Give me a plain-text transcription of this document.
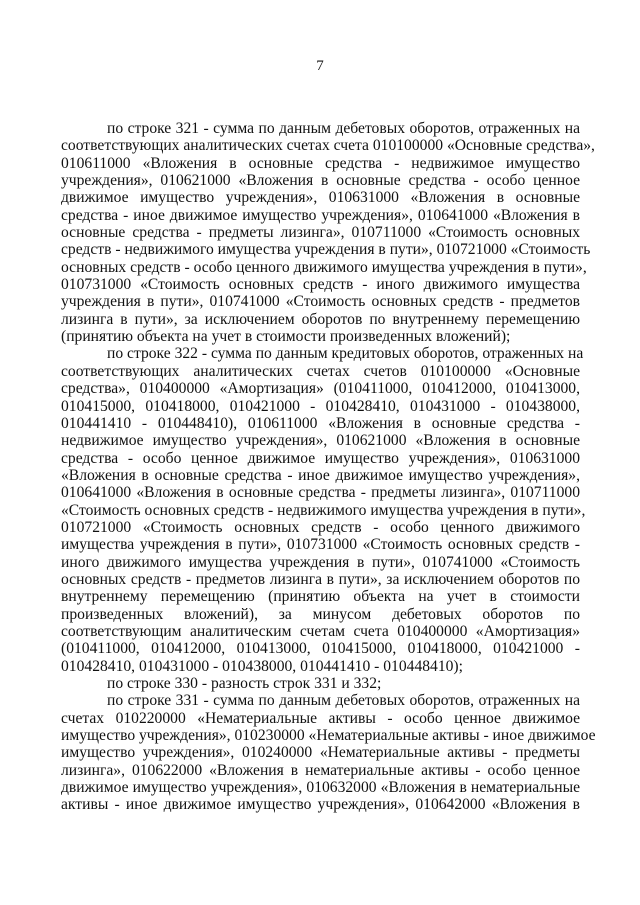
7
по строке 321 - сумма по данным дебетовых оборотов, отраженных на
соответствующих аналитических счетах счета 010100000 «Основные средства»,
010611000 «Вложения в основные средства - недвижимое имущество
учреждения», 010621000 «Вложения в основные средства - особо ценное
движимое имущество учреждения», 010631000 «Вложения в основные
средства - иное движимое имущество учреждения», 010641000 «Вложения в
основные средства - предметы лизинга», 010711000 «Стоимость основных
средств - недвижимого имущества учреждения в пути», 010721000 «Стоимость
основных средств - особо ценного движимого имущества учреждения в пути»,
010731000 «Стоимость основных средств - иного движимого имущества
учреждения в пути», 010741000 «Стоимость основных средств - предметов
лизинга в пути», за исключением оборотов по внутреннему перемещению
(принятию объекта на учет в стоимости произведенных вложений);
по строке 322 - сумма по данным кредитовых оборотов, отраженных на
соответствующих аналитических счетах счетов 010100000 «Основные
средства», 010400000 «Амортизация» (010411000, 010412000, 010413000,
010415000, 010418000, 010421000 - 010428410, 010431000 - 010438000,
010441410 - 010448410), 010611000 «Вложения в основные средства -
недвижимое имущество учреждения», 010621000 «Вложения в основные
средства - особо ценное движимое имущество учреждения», 010631000
«Вложения в основные средства - иное движимое имущество учреждения»,
010641000 «Вложения в основные средства - предметы лизинга», 010711000
«Стоимость основных средств - недвижимого имущества учреждения в пути»,
010721000 «Стоимость основных средств - особо ценного движимого
имущества учреждения в пути», 010731000 «Стоимость основных средств -
иного движимого имущества учреждения в пути», 010741000 «Стоимость
основных средств - предметов лизинга в пути», за исключением оборотов по
внутреннему перемещению (принятию объекта на учет в стоимости
произведенных вложений), за минусом дебетовых оборотов по
соответствующим аналитическим счетам счета 010400000 «Амортизация»
(010411000, 010412000, 010413000, 010415000, 010418000, 010421000 -
010428410, 010431000 - 010438000, 010441410 - 010448410);
по строке 330 - разность строк 331 и 332;
по строке 331 - сумма по данным дебетовых оборотов, отраженных на
счетах 010220000 «Нематериальные активы - особо ценное движимое
имущество учреждения», 010230000 «Нематериальные активы - иное движимое
имущество учреждения», 010240000 «Нематериальные активы - предметы
лизинга», 010622000 «Вложения в нематериальные активы - особо ценное
движимое имущество учреждения», 010632000 «Вложения в нематериальные
активы - иное движимое имущество учреждения», 010642000 «Вложения в
